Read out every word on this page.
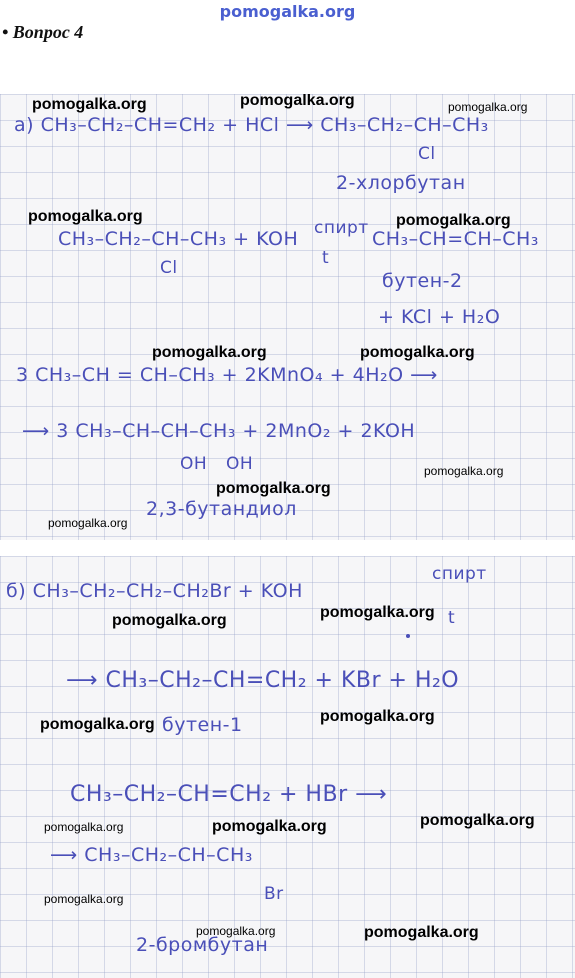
pomogalka.org
• Вопрос 4
pomogalka.org	pomogalka.org	pomogalka.org
а) CH₃–CH₂–CH=CH₂ + HCl ⟶ CH₃–CH₂–CH–CH₃
Cl
2-хлорбутан
pomogalka.org	pomogalka.org
CH₃–CH₂–CH–CH₃ + KOH
Cl
спирт
t
CH₃–CH=CH–CH₃
бутен-2
+ KCl + H₂O
pomogalka.org	pomogalka.org
3 CH₃–CH = CH–CH₃ + 2KMnO₄ + 4H₂O ⟶
⟶ 3 CH₃–CH–CH–CH₃ + 2MnO₂ + 2KOH
OH OH	pomogalka.org
pomogalka.org
2,3-бутандиол
pomogalka.org
б) CH₃–CH₂–CH₂–CH₂Br + KOH
спирт
t
pomogalka.org	pomogalka.org
⟶ CH₃–CH₂–CH=CH₂ + KBr + H₂O
pomogalka.org бутен-1	pomogalka.org
CH₃–CH₂–CH=CH₂ + HBr ⟶
pomogalka.org	pomogalka.org	pomogalka.org
⟶ CH₃–CH₂–CH–CH₃
Br
pomogalka.org
pomogalka.org	pomogalka.org
2-бромбутан
